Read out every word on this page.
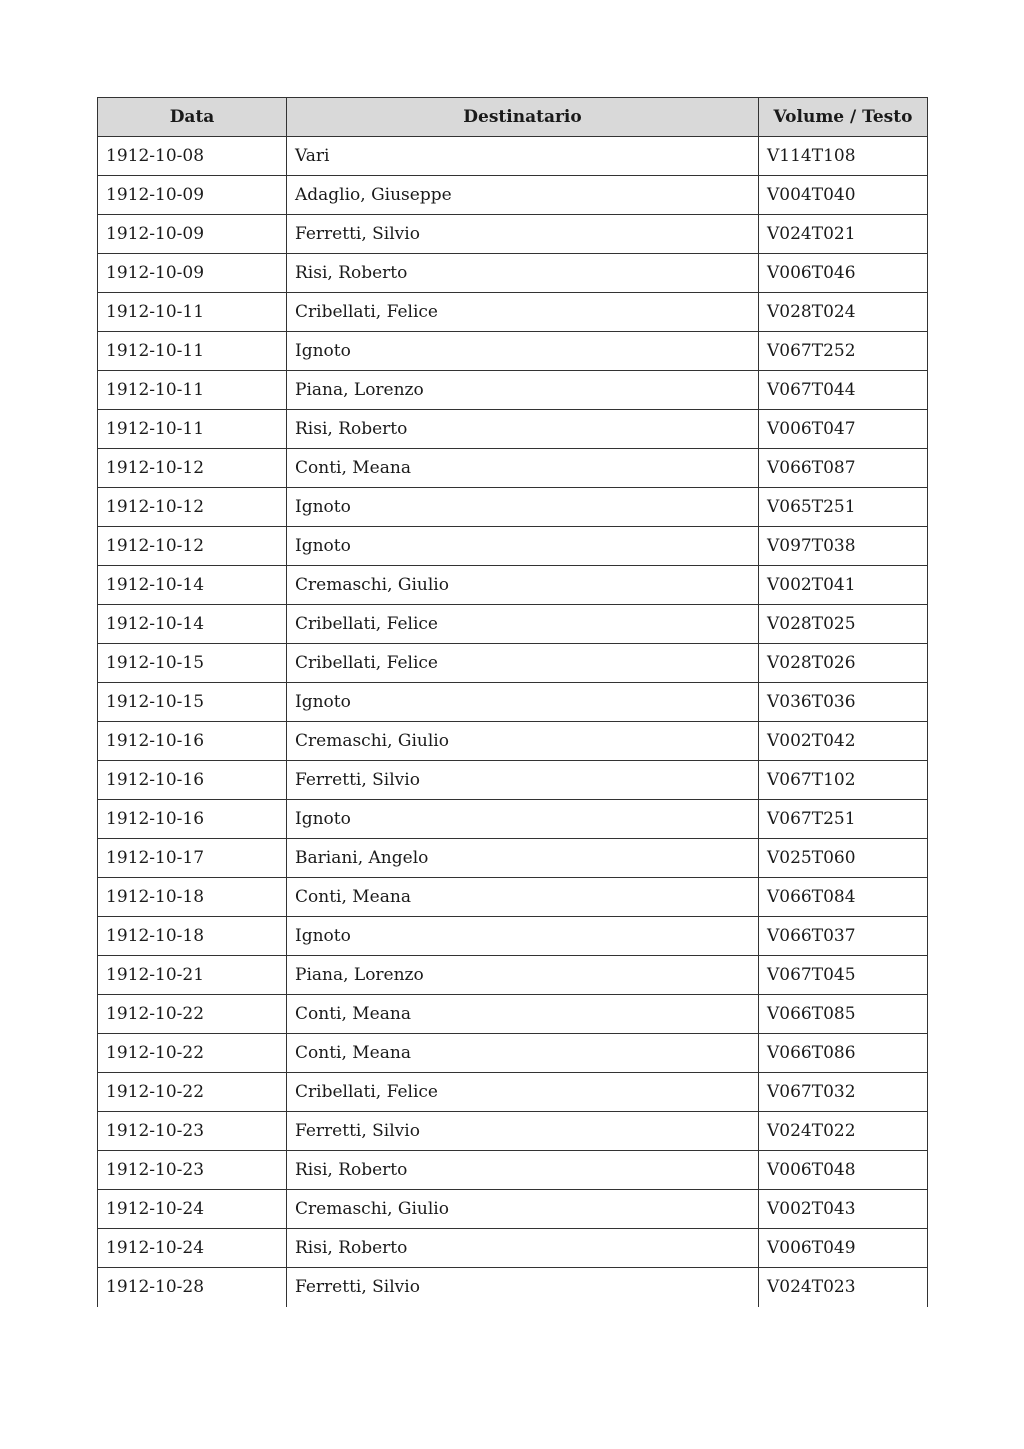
Data	Destinatario	Volume / Testo
1912-10-08	Vari	V114T108
1912-10-09	Adaglio, Giuseppe	V004T040
1912-10-09	Ferretti, Silvio	V024T021
1912-10-09	Risi, Roberto	V006T046
1912-10-11	Cribellati, Felice	V028T024
1912-10-11	Ignoto	V067T252
1912-10-11	Piana, Lorenzo	V067T044
1912-10-11	Risi, Roberto	V006T047
1912-10-12	Conti, Meana	V066T087
1912-10-12	Ignoto	V065T251
1912-10-12	Ignoto	V097T038
1912-10-14	Cremaschi, Giulio	V002T041
1912-10-14	Cribellati, Felice	V028T025
1912-10-15	Cribellati, Felice	V028T026
1912-10-15	Ignoto	V036T036
1912-10-16	Cremaschi, Giulio	V002T042
1912-10-16	Ferretti, Silvio	V067T102
1912-10-16	Ignoto	V067T251
1912-10-17	Bariani, Angelo	V025T060
1912-10-18	Conti, Meana	V066T084
1912-10-18	Ignoto	V066T037
1912-10-21	Piana, Lorenzo	V067T045
1912-10-22	Conti, Meana	V066T085
1912-10-22	Conti, Meana	V066T086
1912-10-22	Cribellati, Felice	V067T032
1912-10-23	Ferretti, Silvio	V024T022
1912-10-23	Risi, Roberto	V006T048
1912-10-24	Cremaschi, Giulio	V002T043
1912-10-24	Risi, Roberto	V006T049
1912-10-28	Ferretti, Silvio	V024T023
